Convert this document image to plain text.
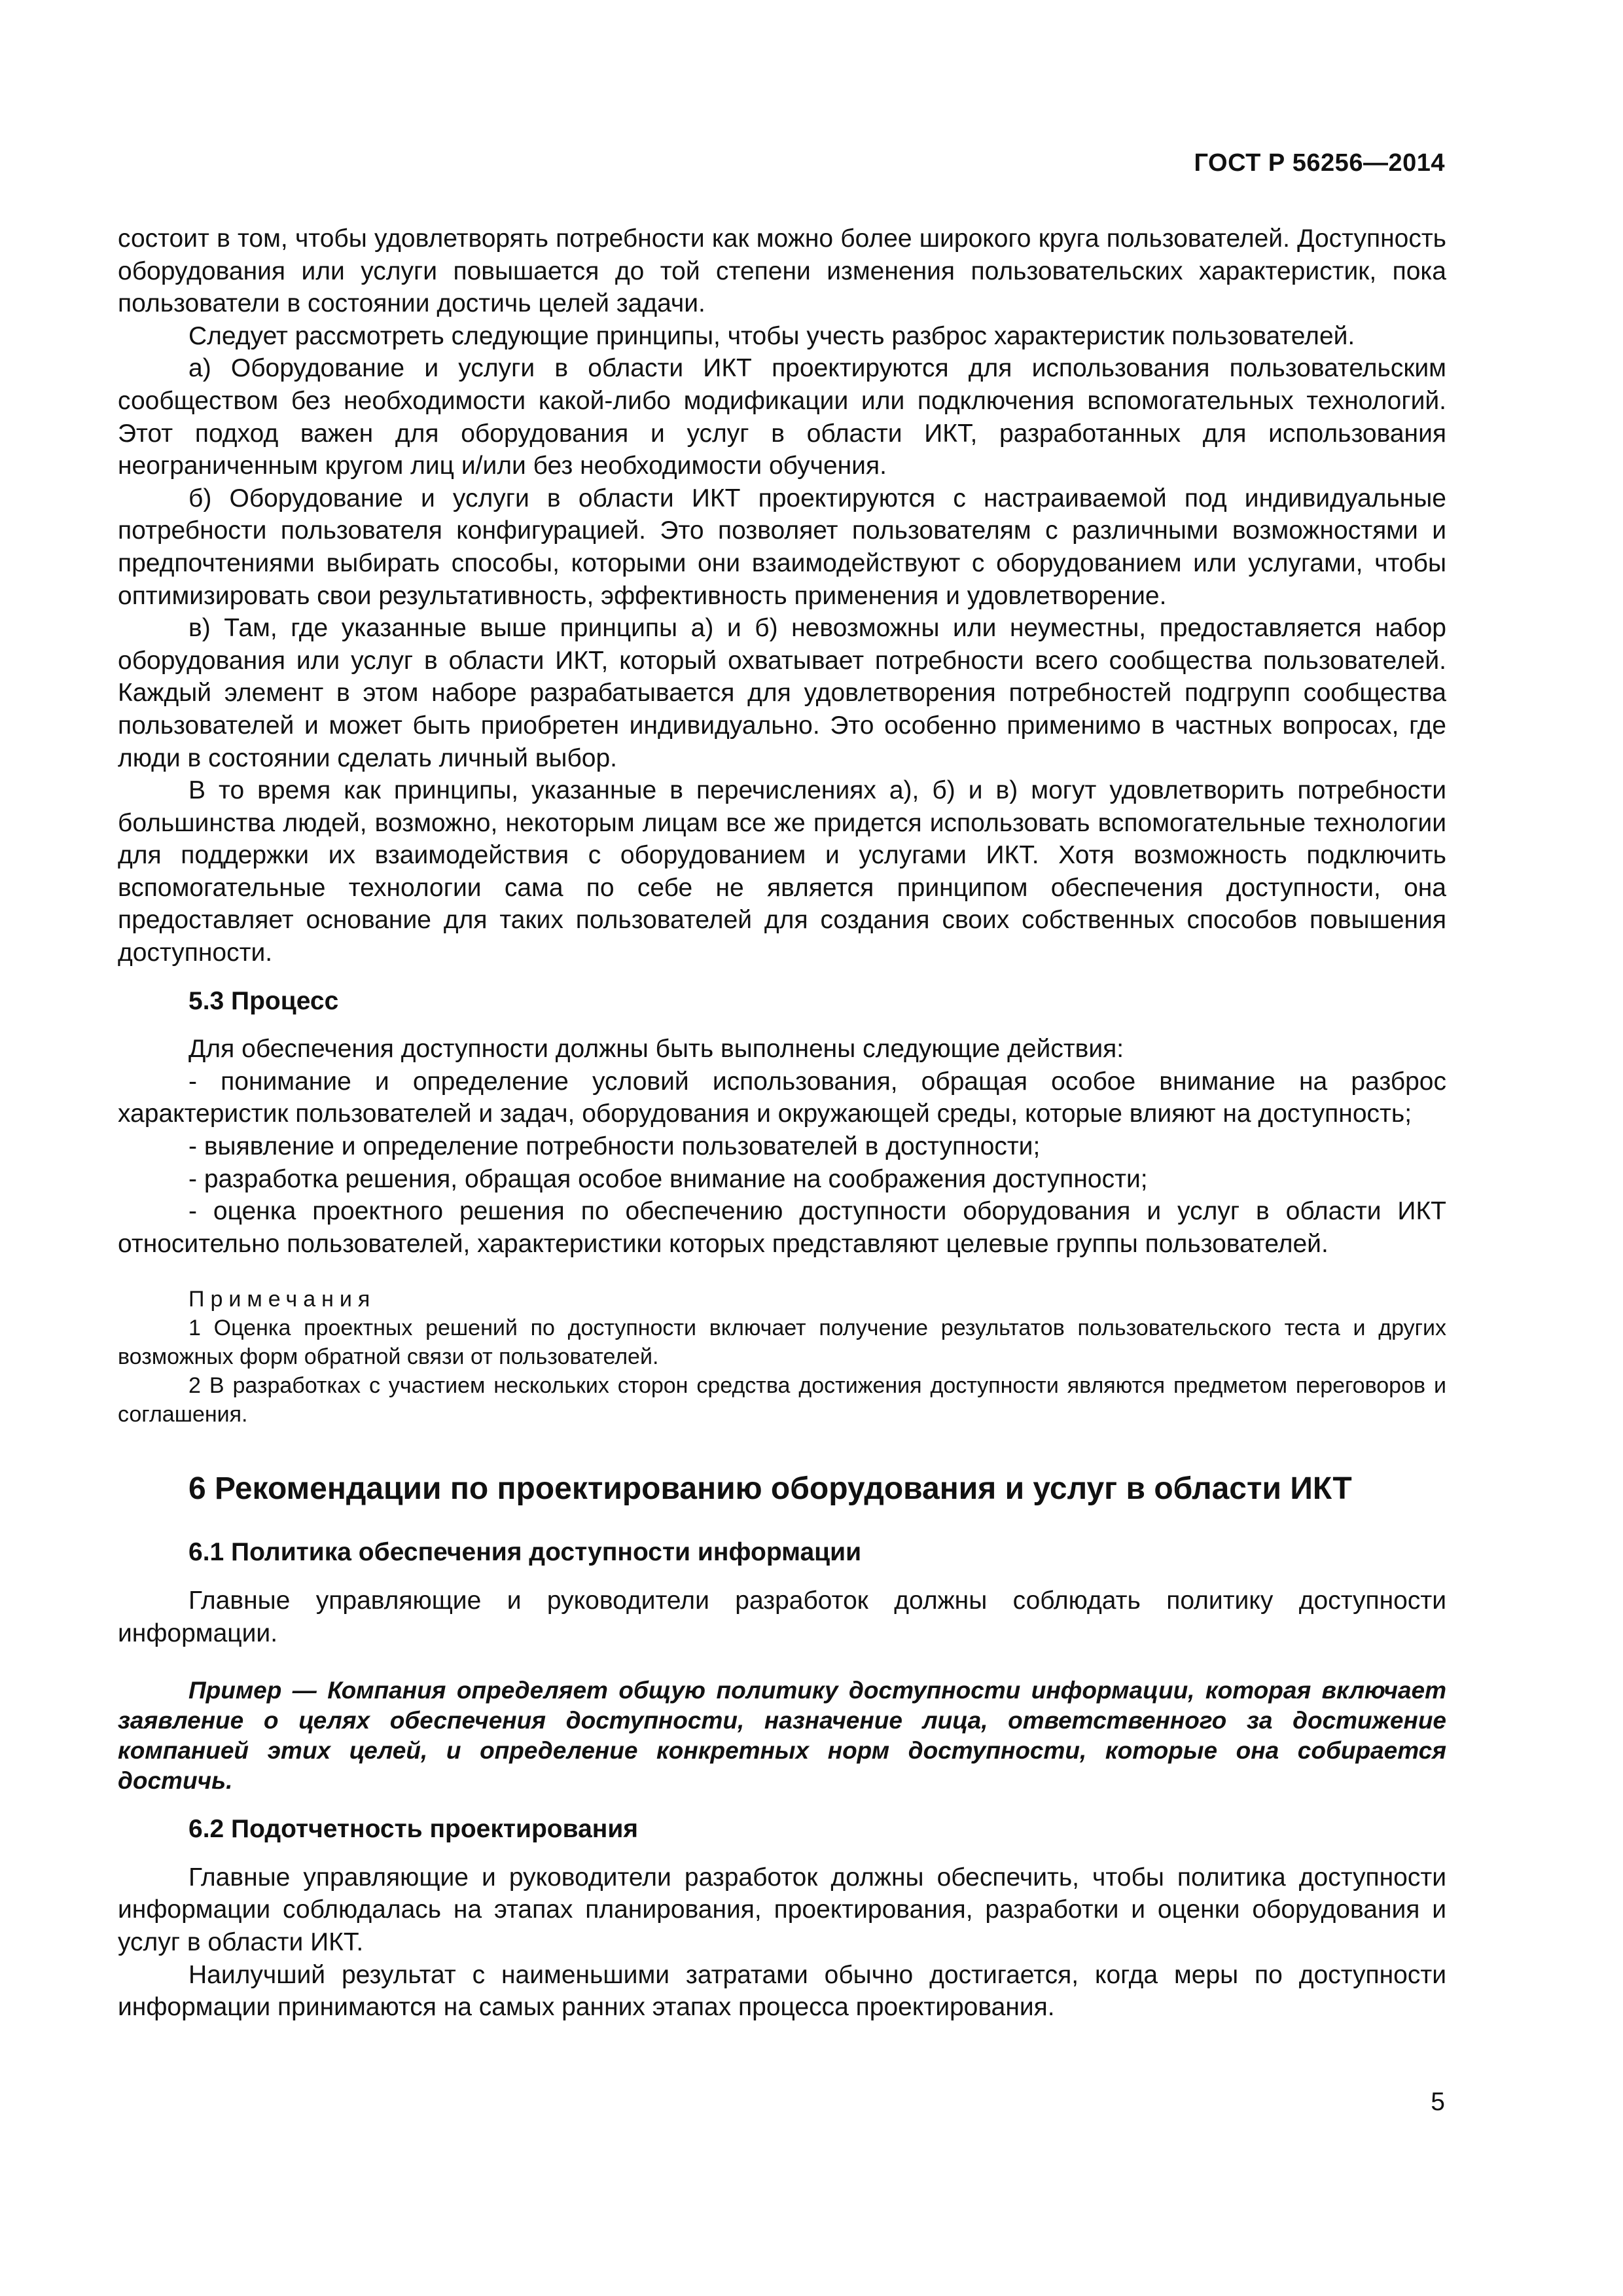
ГОСТ Р 56256—2014

состоит в том, чтобы удовлетворять потребности как можно более широкого круга пользователей. Доступность оборудования или услуги повышается до той степени изменения пользовательских характеристик, пока пользователи в состоянии достичь целей задачи.

Следует рассмотреть следующие принципы, чтобы учесть разброс характеристик пользователей.

а) Оборудование и услуги в области ИКТ проектируются для использования пользовательским сообществом без необходимости какой-либо модификации или подключения вспомогательных технологий. Этот подход важен для оборудования и услуг в области ИКТ, разработанных для использования неограниченным кругом лиц и/или без необходимости обучения.

б) Оборудование и услуги в области ИКТ проектируются с настраиваемой под индивидуальные потребности пользователя конфигурацией. Это позволяет пользователям с различными возможностями и предпочтениями выбирать способы, которыми они взаимодействуют с оборудованием или услугами, чтобы оптимизировать свои результативность, эффективность применения и удовлетворение.

в) Там, где указанные выше принципы а) и б) невозможны или неуместны, предоставляется набор оборудования или услуг в области ИКТ, который охватывает потребности всего сообщества пользователей. Каждый элемент в этом наборе разрабатывается для удовлетворения потребностей подгрупп сообщества пользователей и может быть приобретен индивидуально. Это особенно применимо в частных вопросах, где люди в состоянии сделать личный выбор.

В то время как принципы, указанные в перечислениях а), б) и в) могут удовлетворить потребности большинства людей, возможно, некоторым лицам все же придется использовать вспомогательные технологии для поддержки их взаимодействия с оборудованием и услугами ИКТ. Хотя возможность подключить вспомогательные технологии сама по себе не является принципом обеспечения доступности, она предоставляет основание для таких пользователей для создания своих собственных способов повышения доступности.

5.3 Процесс

Для обеспечения доступности должны быть выполнены следующие действия:

- понимание и определение условий использования, обращая особое внимание на разброс характеристик пользователей и задач, оборудования и окружающей среды, которые влияют на доступность;

- выявление и определение потребности пользователей в доступности;

- разработка решения, обращая особое внимание на соображения доступности;

- оценка проектного решения по обеспечению доступности оборудования и услуг в области ИКТ относительно пользователей, характеристики которых представляют целевые группы пользователей.

Примечания

1 Оценка проектных решений по доступности включает получение результатов пользовательского теста и других возможных форм обратной связи от пользователей.

2 В разработках с участием нескольких сторон средства достижения доступности являются предметом переговоров и соглашения.

6 Рекомендации по проектированию оборудования и услуг в области ИКТ

6.1 Политика обеспечения доступности информации

Главные управляющие и руководители разработок должны соблюдать политику доступности информации.

Пример — Компания определяет общую политику доступности информации, которая включает заявление о целях обеспечения доступности, назначение лица, ответственного за достижение компанией этих целей, и определение конкретных норм доступности, которые она собирается достичь.

6.2 Подотчетность проектирования

Главные управляющие и руководители разработок должны обеспечить, чтобы политика доступности информации соблюдалась на этапах планирования, проектирования, разработки и оценки оборудования и услуг в области ИКТ.

Наилучший результат с наименьшими затратами обычно достигается, когда меры по доступности информации принимаются на самых ранних этапах процесса проектирования.

5
